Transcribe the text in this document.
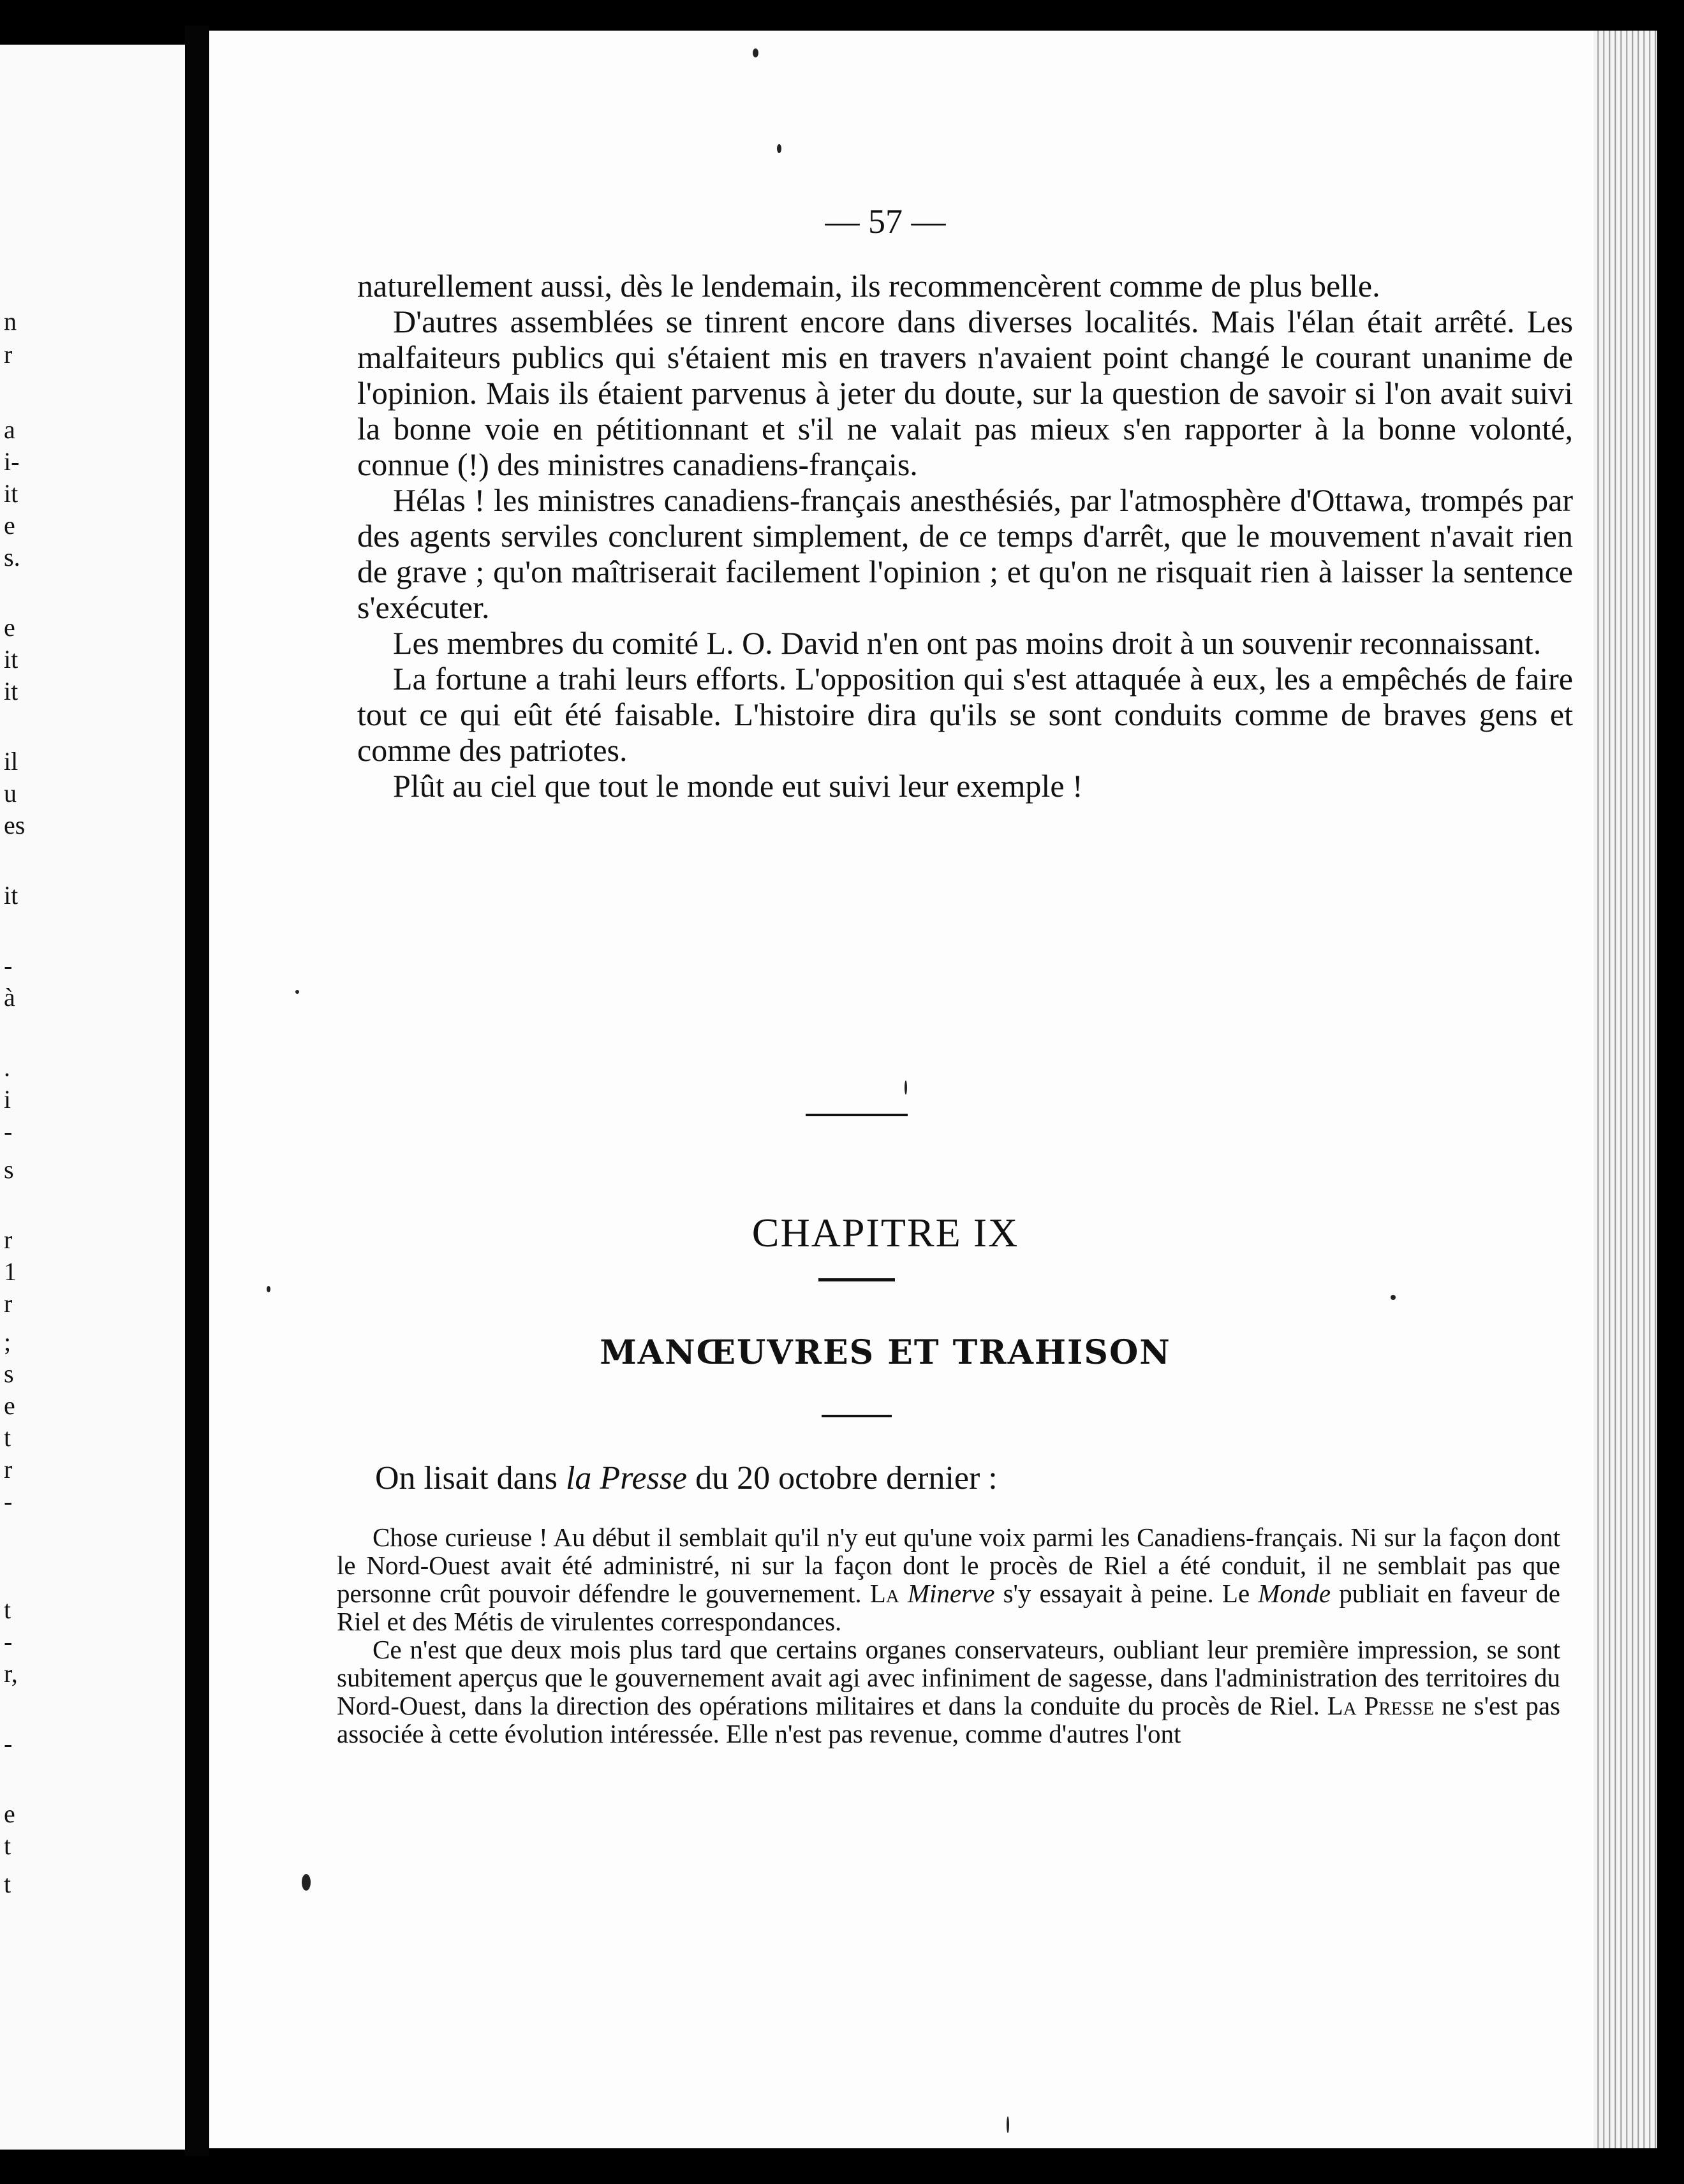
n
r
a
i-
it
e
s.
e
it
it
il
u
es
it
-
à
.
i
-
s
r
1
r
;
s
e
t
r
-
t
-
r,
-
e
t
t
— 57 —

naturellement aussi, dès le lendemain, ils recommencèrent comme de plus belle.

D'autres assemblées se tinrent encore dans diverses localités. Mais l'élan était arrêté. Les malfaiteurs publics qui s'étaient mis en travers n'avaient point changé le courant unanime de l'opinion. Mais ils étaient parvenus à jeter du doute, sur la question de savoir si l'on avait suivi la bonne voie en pétitionnant et s'il ne valait pas mieux s'en rapporter à la bonne volonté, connue (!) des ministres canadiens-français.

Hélas ! les ministres canadiens-français anesthésiés, par l'atmosphère d'Ottawa, trompés par des agents serviles conclurent simplement, de ce temps d'arrêt, que le mouvement n'avait rien de grave ; qu'on maîtriserait facilement l'opinion ; et qu'on ne risquait rien à laisser la sentence s'exécuter.

Les membres du comité L. O. David n'en ont pas moins droit à un souvenir reconnaissant.

La fortune a trahi leurs efforts. L'opposition qui s'est attaquée à eux, les a empêchés de faire tout ce qui eût été faisable. L'histoire dira qu'ils se sont conduits comme de braves gens et comme des patriotes.

Plût au ciel que tout le monde eut suivi leur exemple !

CHAPITRE IX
MANŒUVRES ET TRAHISON
On lisait dans la Presse du 20 octobre dernier :

Chose curieuse ! Au début il semblait qu'il n'y eut qu'une voix parmi les Canadiens-français. Ni sur la façon dont le Nord-Ouest avait été administré, ni sur la façon dont le procès de Riel a été conduit, il ne semblait pas que personne crût pouvoir défendre le gouvernement. La Minerve s'y essayait à peine. Le Monde publiait en faveur de Riel et des Métis de virulentes correspondances.

Ce n'est que deux mois plus tard que certains organes conservateurs, oubliant leur première impression, se sont subitement aperçus que le gouvernement avait agi avec infiniment de sagesse, dans l'administration des territoires du Nord-Ouest, dans la direction des opérations militaires et dans la conduite du procès de Riel. La Presse ne s'est pas associée à cette évolution intéressée. Elle n'est pas revenue, comme d'autres l'ont
